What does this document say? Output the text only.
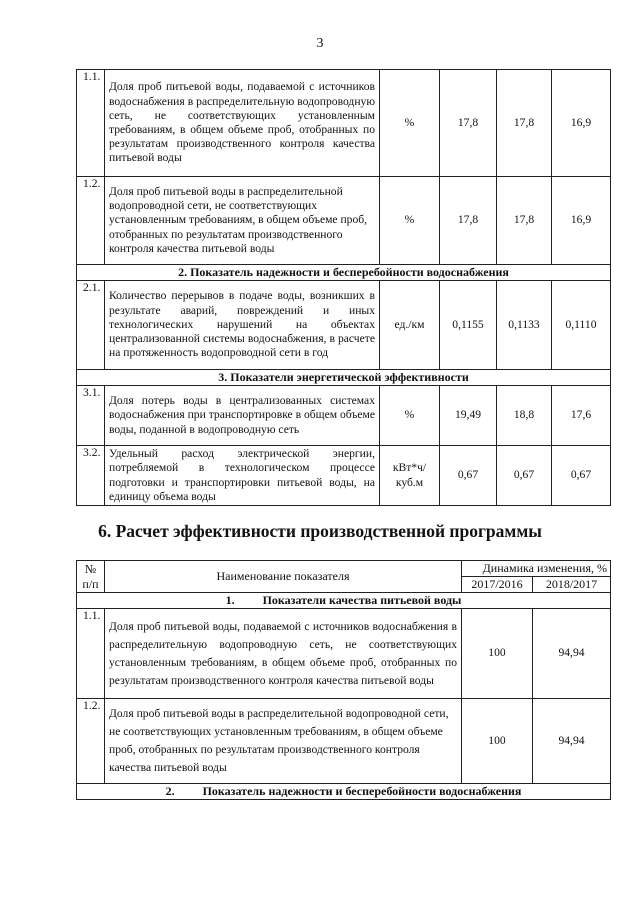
3
1.1.	Доля проб питьевой воды, подаваемой с источников водоснабжения в распределительную водопроводную сеть, не соответствующих установленным требованиям, в общем объеме проб, отобранных по результатам производственного контроля качества питьевой воды	%	17,8	17,8	16,9
1.2.	Доля проб питьевой воды в распределительной водопроводной сети, не соответствующих установленным требованиям, в общем объеме проб, отобранных по результатам производственного контроля качества питьевой воды	%	17,8	17,8	16,9
2. Показатель надежности и бесперебойности водоснабжения					
2.1.	Количество перерывов в подаче воды, возникших в результате аварий, повреждений и иных технологических нарушений на объектах централизованной системы водоснабжения, в расчете на протяженность водопроводной сети в год	ед./км	0,1155	0,1133	0,1110
3. Показатели энергетической эффективности					
3.1.	Доля потерь воды в централизованных системах водоснабжения при транспортировке в общем объеме воды, поданной в водопроводную сеть	%	19,49	18,8	17,6
3.2.	Удельный расход электрической энергии, потребляемой в технологическом процессе подготовки и транспортировки питьевой воды, на единицу объема воды	кВт*ч/ куб.м	0,67	0,67	0,67
6. Расчет эффективности производственной программы
№ п/п	Наименование показателя	Динамика изменения, %	
		2017/2016	2018/2017
1. Показатели качества питьевой воды			
1.1.	Доля проб питьевой воды, подаваемой с источников водоснабжения в распределительную водопроводную сеть, не соответствующих установленным требованиям, в общем объеме проб, отобранных по результатам производственного контроля качества питьевой воды	100	94,94
1.2.	Доля проб питьевой воды в распределительной водопроводной сети, не соответствующих установленным требованиям, в общем объеме проб, отобранных по результатам производственного контроля качества питьевой воды	100	94,94
2. Показатель надежности и бесперебойности водоснабжения			
